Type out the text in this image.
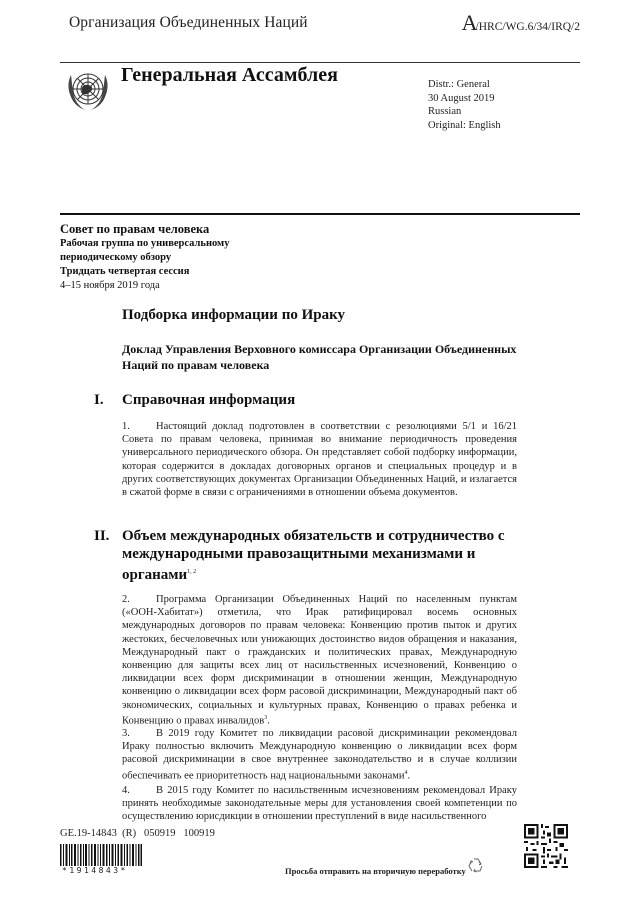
Организация Объединенных Наций	A/HRC/WG.6/34/IRQ/2
Генеральная Ассамблея	Distr.: General
30 August 2019
Russian
Original: English
Совет по правам человека
Рабочая группа по универсальному
периодическому обзору
Тридцать четвертая сессия
4–15 ноября 2019 года
Подборка информации по Ираку
Доклад Управления Верховного комиссара Организации Объединенных Наций по правам человека
I. Справочная информация
1. Настоящий доклад подготовлен в соответствии с резолюциями 5/1 и 16/21 Совета по правам человека, принимая во внимание периодичность проведения универсального периодического обзора. Он представляет собой подборку информации, которая содержится в докладах договорных органов и специальных процедур и в других соответствующих документах Организации Объединенных Наций, и излагается в сжатой форме в связи с ограничениями в отношении объема документов.
II. Объем международных обязательств и сотрудничество с международными правозащитными механизмами и органами$^{1, 2}$
2. Программа Организации Объединенных Наций по населенным пунктам («ООН-Хабитат») отметила, что Ирак ратифицировал восемь основных международных договоров по правам человека: Конвенцию против пыток и других жестоких, бесчеловечных или унижающих достоинство видов обращения и наказания, Международный пакт о гражданских и политических правах, Международную конвенцию для защиты всех лиц от насильственных исчезновений, Конвенцию о ликвидации всех форм дискриминации в отношении женщин, Международную конвенцию о ликвидации всех форм расовой дискриминации, Международный пакт об экономических, социальных и культурных правах, Конвенцию о правах ребенка и Конвенцию о правах инвалидов$^3$.
3. В 2019 году Комитет по ликвидации расовой дискриминации рекомендовал Ираку полностью включить Международную конвенцию о ликвидации всех форм расовой дискриминации в свое внутреннее законодательство и в случае коллизии обеспечивать ее приоритетность над национальными законами$^4$.
4. В 2015 году Комитет по насильственным исчезновениям рекомендовал Ираку принять необходимые законодательные меры для установления своей компетенции по осуществлению юрисдикции в отношении преступлений в виде насильственного
GE.19-14843  (R)   050919   100919
*1914843*	Просьба отправить на вторичную переработку
